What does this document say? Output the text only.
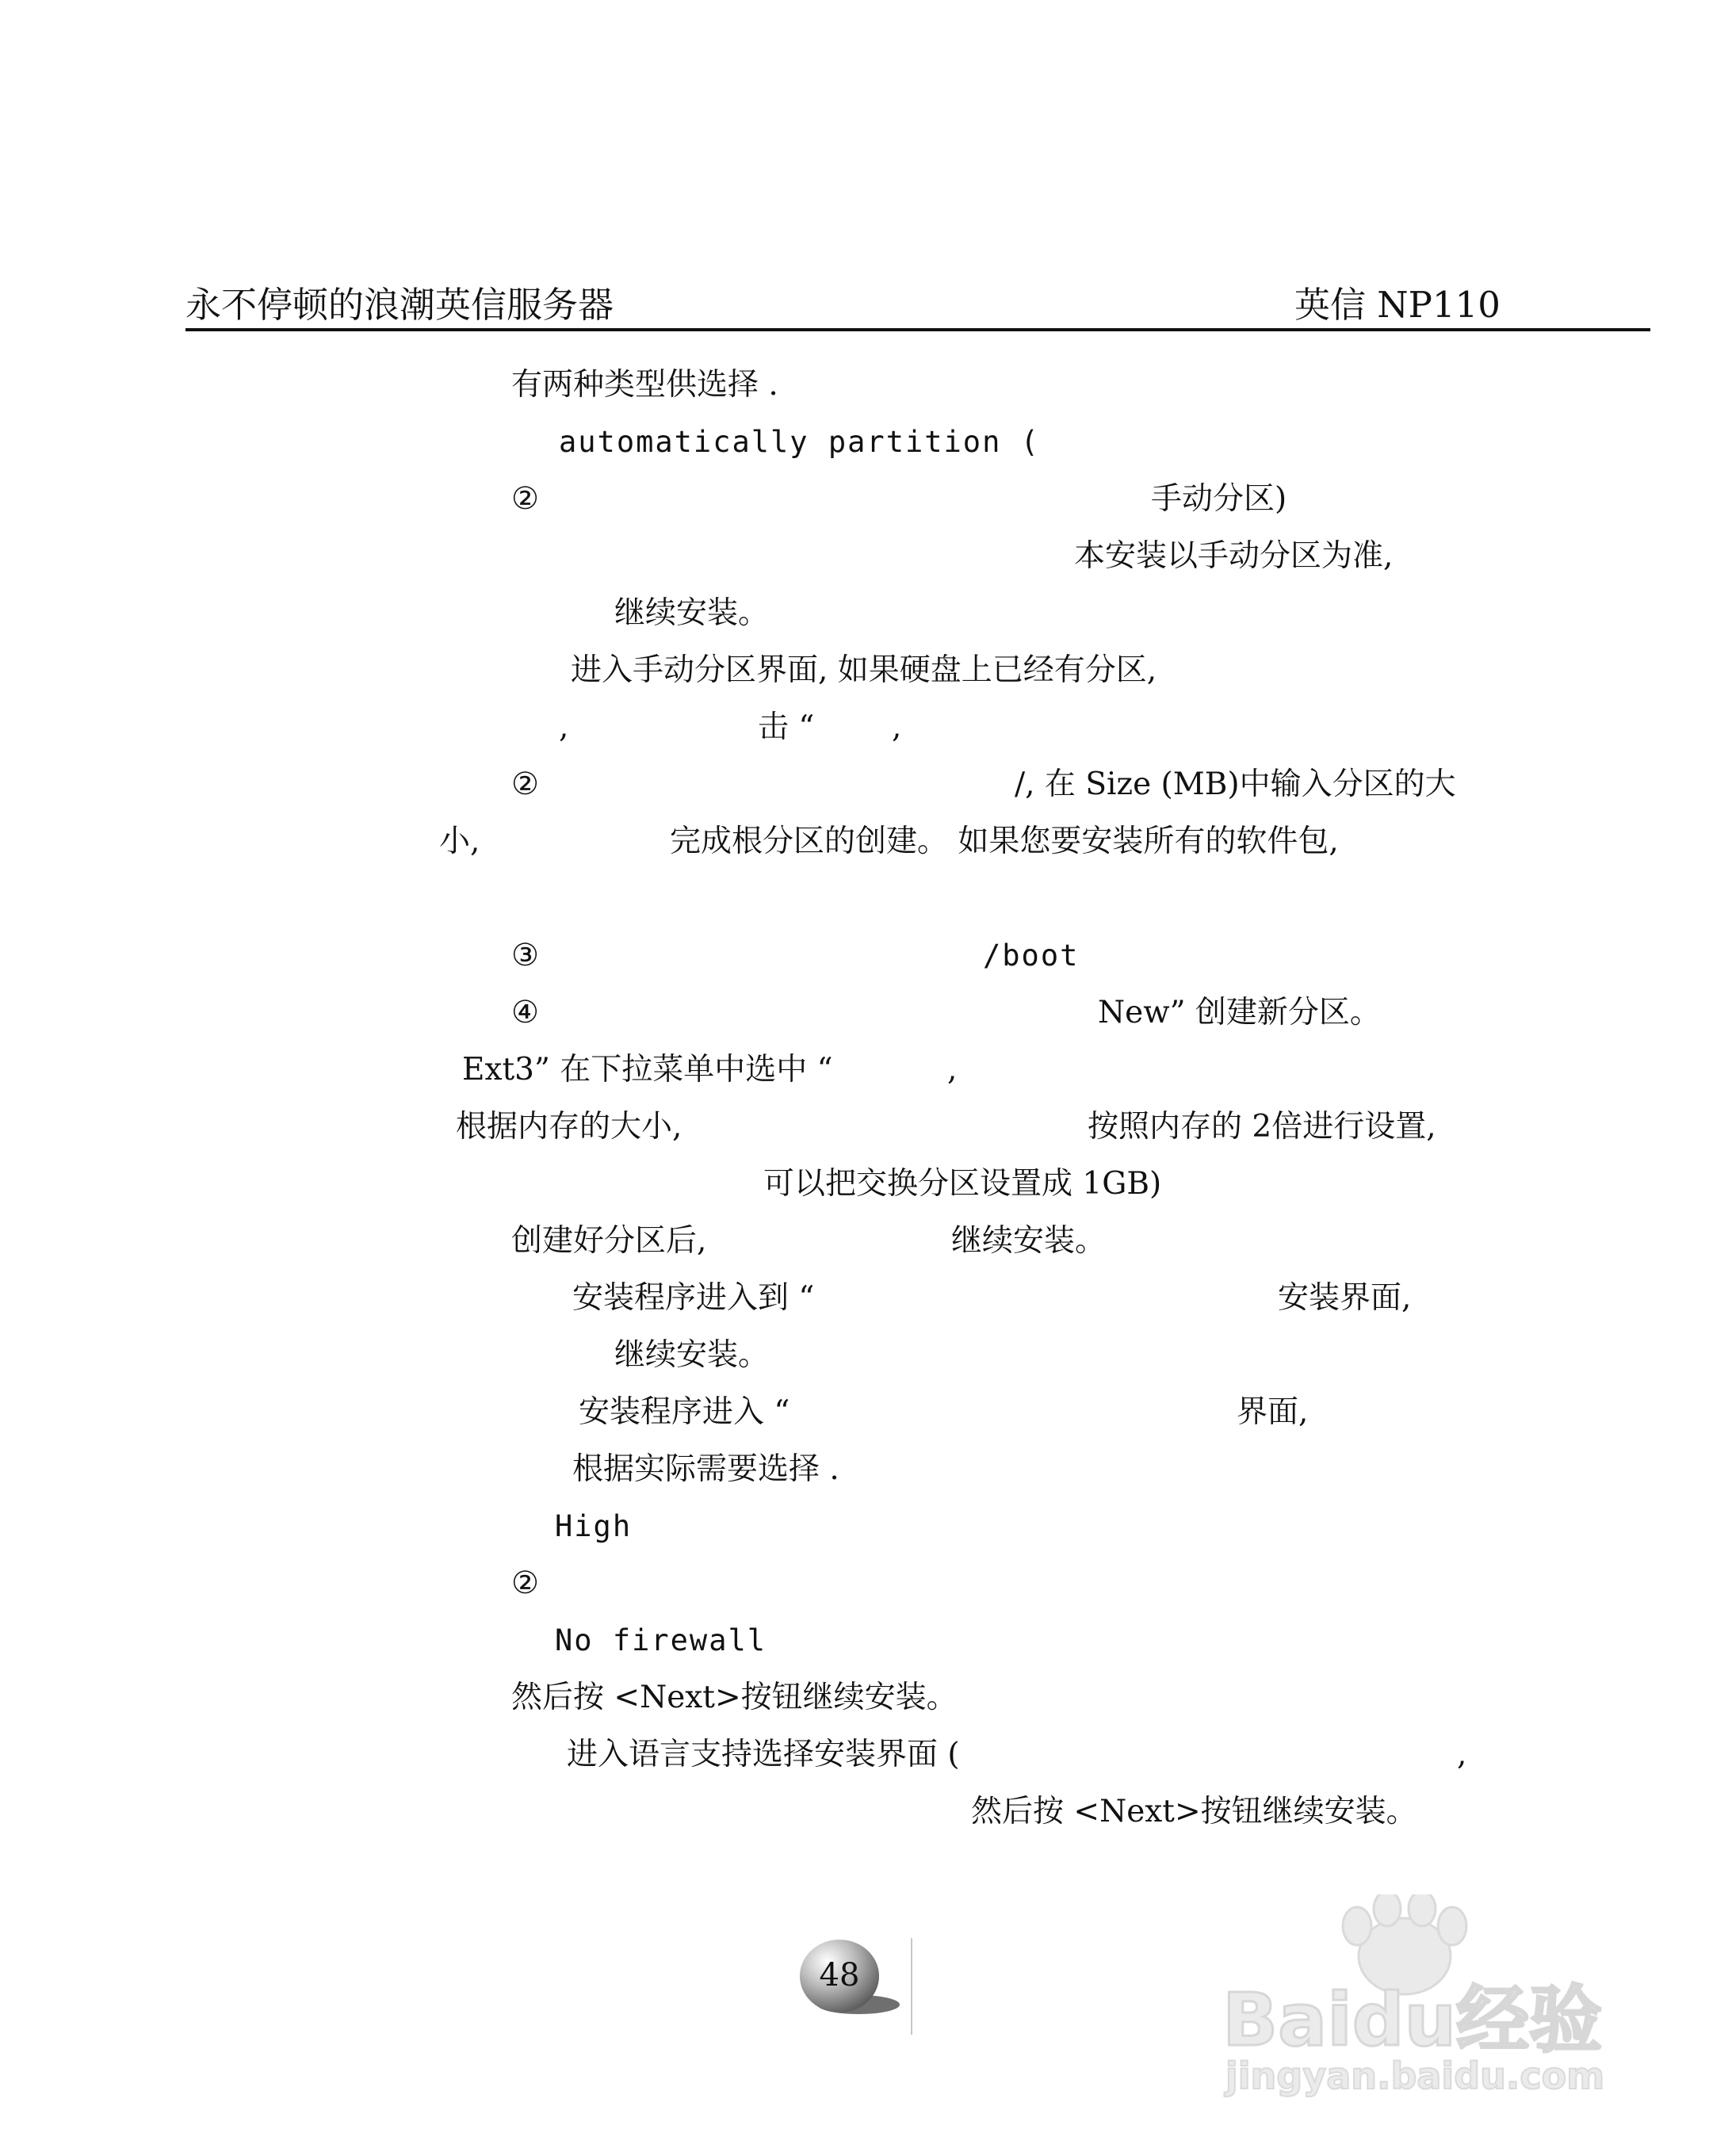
永不停顿的浪潮英信服务器	英信 NP110
有两种类型供选择 .
automatically partition (
②	手动分区)
本安装以手动分区为准,
继续安装。
进入手动分区界面, 如果硬盘上已经有分区,
,	击 “	,
②	/, 在 Size (MB)中输入分区的大
小,	完成根分区的创建。 如果您要安装所有的软件包,
③	/boot
④	New” 创建新分区。
Ext3” 在下拉菜单中选中 “	,
根据内存的大小,	按照内存的 2倍进行设置,
可以把交换分区设置成 1GB)
创建好分区后,	继续安装。
安装程序进入到 “	安装界面,
继续安装。
安装程序进入 “	界面,
根据实际需要选择 .
High
②
No firewall
然后按 <Next>按钮继续安装。
进入语言支持选择安装界面 (	,
然后按 <Next>按钮继续安装。
48
Baidu经验
jingyan.baidu.com
